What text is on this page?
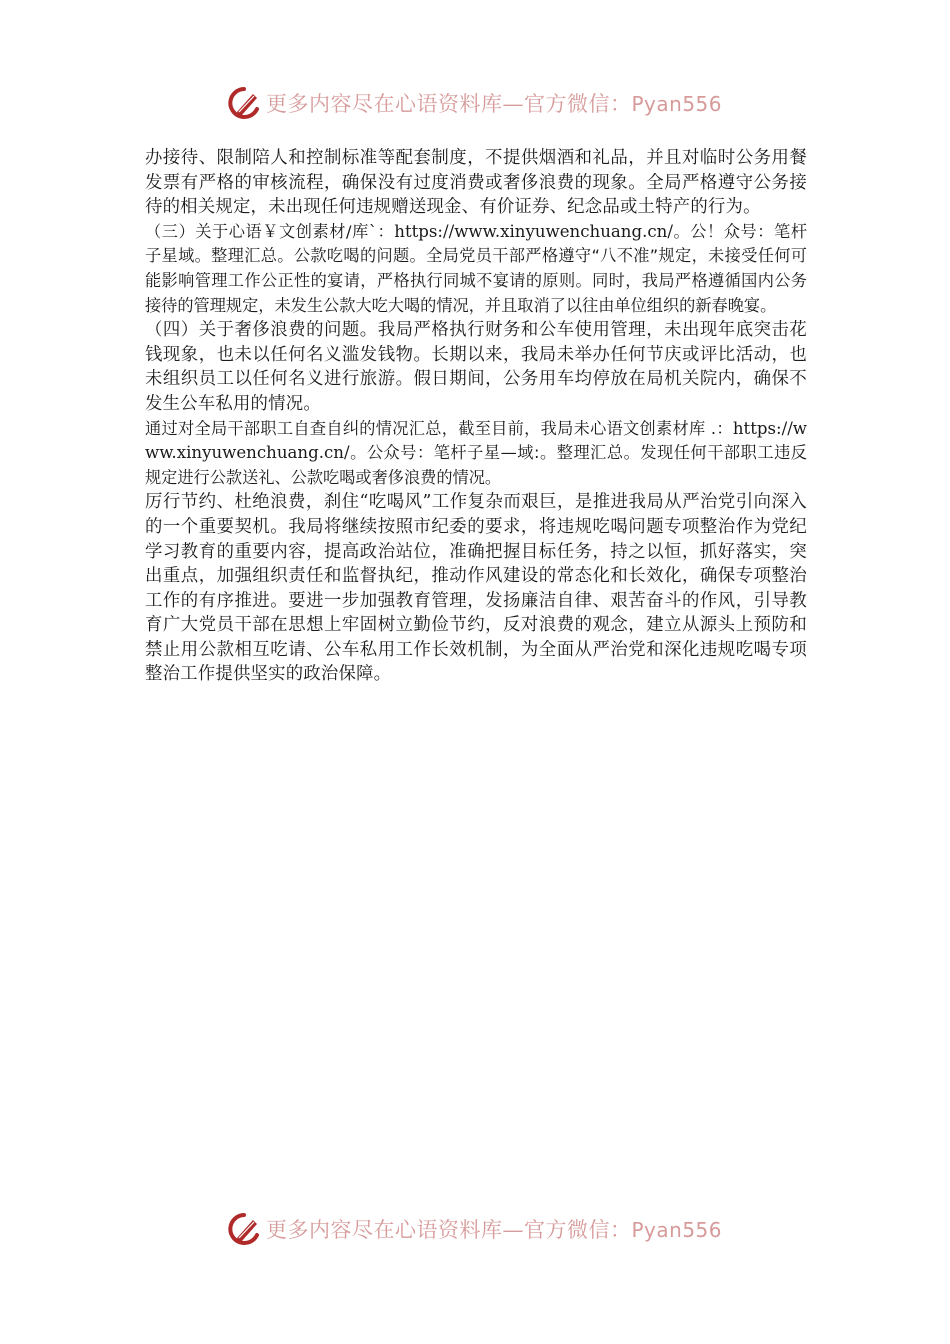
更多内容尽在心语资料库—官方微信：Pyan556

办接待、限制陪人和控制标准等配套制度，不提供烟酒和礼品，并且对临时公务用餐发票有严格的审核流程，确保没有过度消费或奢侈浪费的现象。全局严格遵守公务接待的相关规定，未出现任何违规赠送现金、有价证券、纪念品或土特产的行为。

（三）关于心语￥文创素材/库`：https://www.xinyuwenchuang.cn/。公！众号：笔杆子星域。整理汇总。公款吃喝的问题。全局党员干部严格遵守“八不准”规定，未接受任何可能影响管理工作公正性的宴请，严格执行同城不宴请的原则。同时，我局严格遵循国内公务接待的管理规定，未发生公款大吃大喝的情况，并且取消了以往由单位组织的新春晚宴。

（四）关于奢侈浪费的问题。我局严格执行财务和公车使用管理，未出现年底突击花钱现象，也未以任何名义滥发钱物。长期以来，我局未举办任何节庆或评比活动，也未组织员工以任何名义进行旅游。假日期间，公务用车均停放在局机关院内，确保不发生公车私用的情况。

通过对全局干部职工自查自纠的情况汇总，截至目前，我局未心语文创素材库 .：https://www.xinyuwenchuang.cn/。公众号：笔杆子星—域:。整理汇总。发现任何干部职工违反规定进行公款送礼、公款吃喝或奢侈浪费的情况。

厉行节约、杜绝浪费，刹住“吃喝风”工作复杂而艰巨，是推进我局从严治党引向深入的一个重要契机。我局将继续按照市纪委的要求，将违规吃喝问题专项整治作为党纪学习教育的重要内容，提高政治站位，准确把握目标任务，持之以恒，抓好落实，突出重点，加强组织责任和监督执纪，推动作风建设的常态化和长效化，确保专项整治工作的有序推进。要进一步加强教育管理，发扬廉洁自律、艰苦奋斗的作风，引导教育广大党员干部在思想上牢固树立勤俭节约，反对浪费的观念，建立从源头上预防和禁止用公款相互吃请、公车私用工作长效机制，为全面从严治党和深化违规吃喝专项整治工作提供坚实的政治保障。

更多内容尽在心语资料库—官方微信：Pyan556
